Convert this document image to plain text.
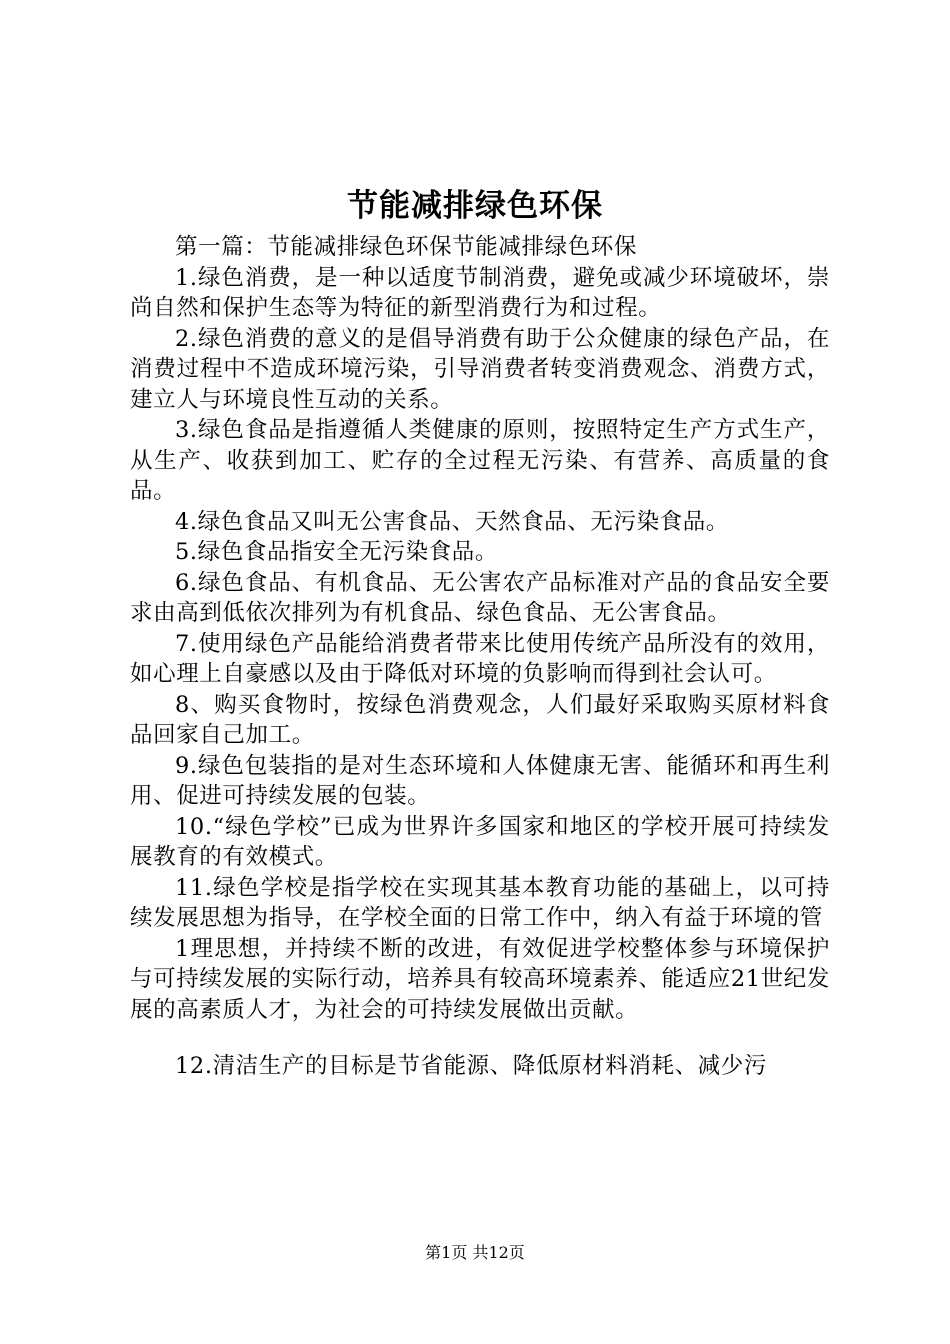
节能减排绿色环保

第一篇：节能减排绿色环保节能减排绿色环保

1.绿色消费，是一种以适度节制消费，避免或减少环境破坏，崇尚自然和保护生态等为特征的新型消费行为和过程。

2.绿色消费的意义的是倡导消费有助于公众健康的绿色产品，在消费过程中不造成环境污染，引导消费者转变消费观念、消费方式，建立人与环境良性互动的关系。

3.绿色食品是指遵循人类健康的原则，按照特定生产方式生产，从生产、收获到加工、贮存的全过程无污染、有营养、高质量的食品。

4.绿色食品又叫无公害食品、天然食品、无污染食品。

5.绿色食品指安全无污染食品。

6.绿色食品、有机食品、无公害农产品标准对产品的食品安全要求由高到低依次排列为有机食品、绿色食品、无公害食品。

7.使用绿色产品能给消费者带来比使用传统产品所没有的效用，如心理上自豪感以及由于降低对环境的负影响而得到社会认可。

8、购买食物时，按绿色消费观念，人们最好采取购买原材料食品回家自己加工。

9.绿色包装指的是对生态环境和人体健康无害、能循环和再生利用、促进可持续发展的包装。

10.“绿色学校”已成为世界许多国家和地区的学校开展可持续发展教育的有效模式。

11.绿色学校是指学校在实现其基本教育功能的基础上，以可持续发展思想为指导，在学校全面的日常工作中，纳入有益于环境的管

1理思想，并持续不断的改进，有效促进学校整体参与环境保护与可持续发展的实际行动，培养具有较高环境素养、能适应21世纪发展的高素质人才，为社会的可持续发展做出贡献。

12.清洁生产的目标是节省能源、降低原材料消耗、减少污

第1页 共12页
